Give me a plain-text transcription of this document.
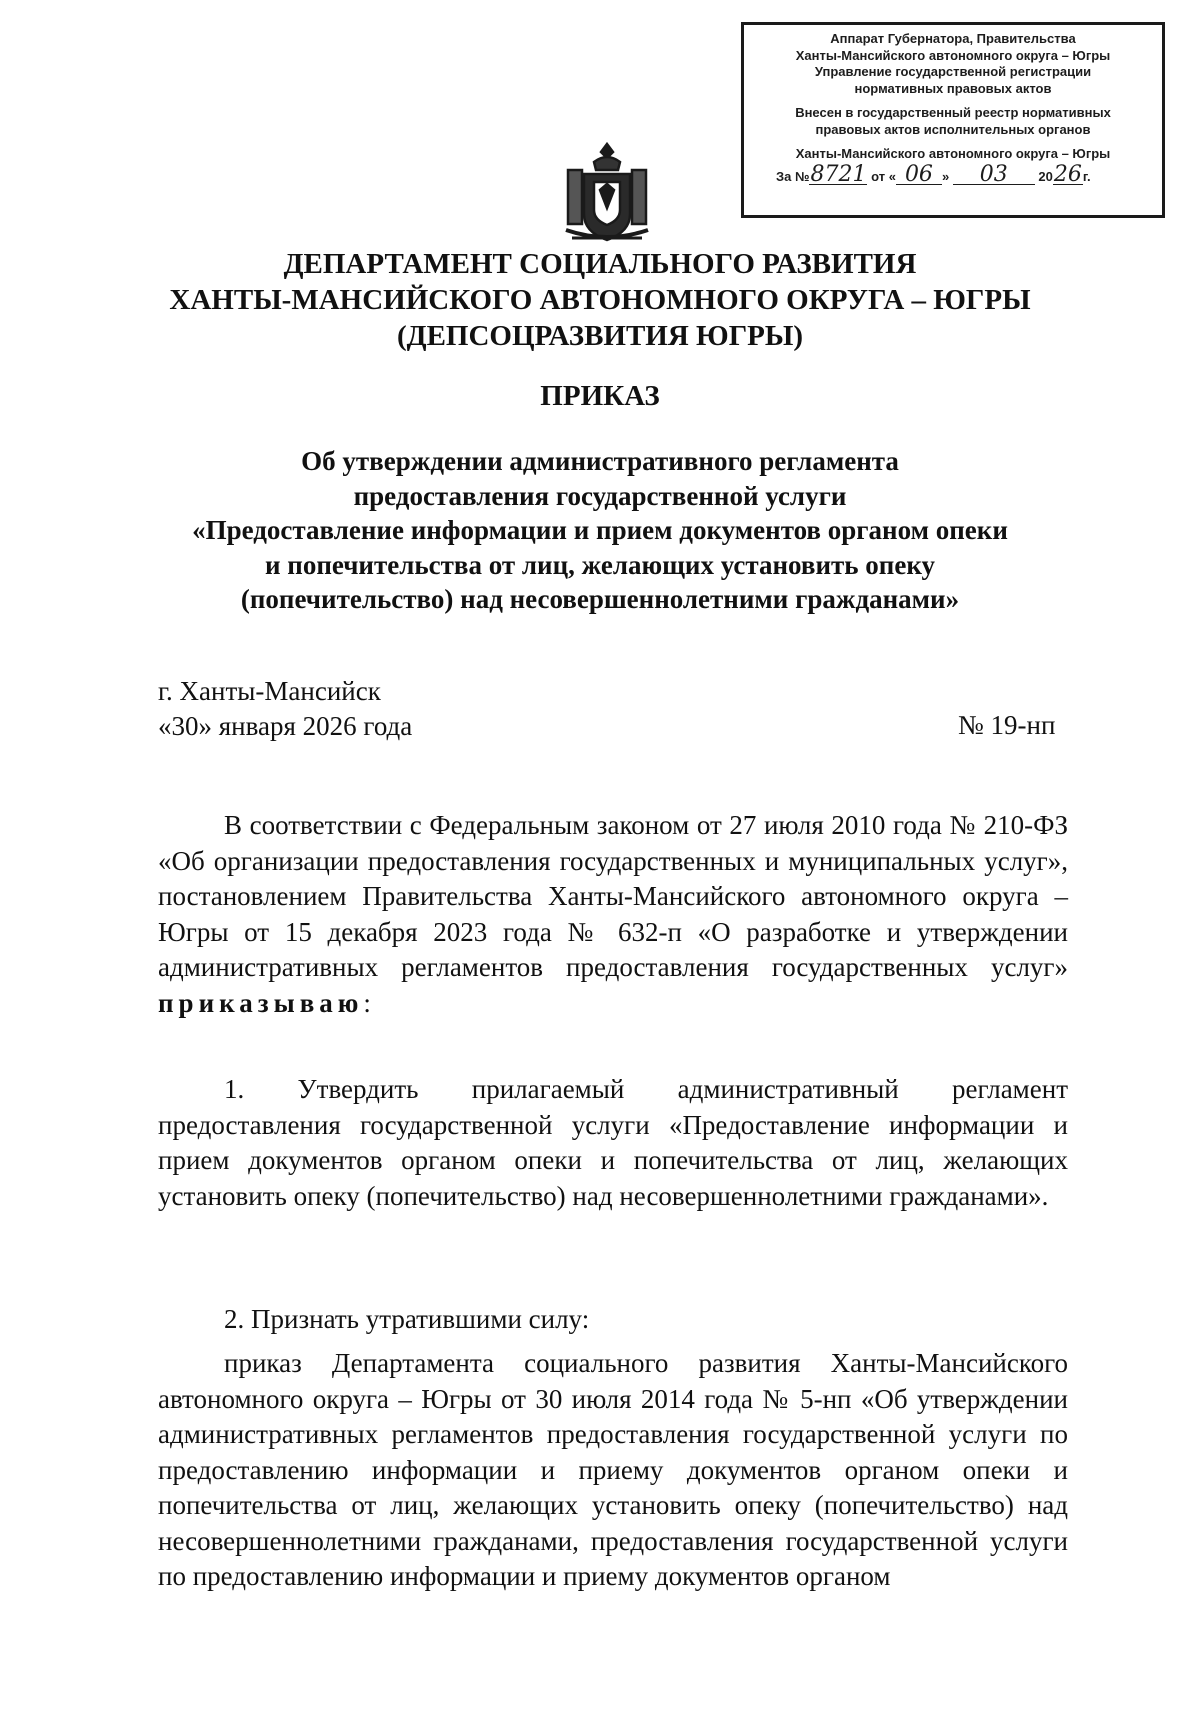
Аппарат Губернатора, Правительства
Ханты-Мансийского автономного округа – Югры
Управление государственной регистрации
нормативных правовых актов
Внесен в государственный реестр нормативных
правовых актов исполнительных органов
Ханты-Мансийского автономного округа – Югры
За №8721 от « 06 » 03 2026г.
ДЕПАРТАМЕНТ СОЦИАЛЬНОГО РАЗВИТИЯ
ХАНТЫ-МАНСИЙСКОГО АВТОНОМНОГО ОКРУГА – ЮГРЫ
(ДЕПСОЦРАЗВИТИЯ ЮГРЫ)
ПРИКАЗ
Об утверждении административного регламента
предоставления государственной услуги
«Предоставление информации и прием документов органом опеки
и попечительства от лиц, желающих установить опеку
(попечительство) над несовершеннолетними гражданами»
г. Ханты-Мансийск
«30» января 2026 года	№ 19-нп
В соответствии с Федеральным законом от 27 июля 2010 года № 210-ФЗ «Об организации предоставления государственных и муниципальных услуг», постановлением Правительства Ханты-Мансийского автономного округа – Югры от 15 декабря 2023 года № 632-п «О разработке и утверждении административных регламентов предоставления государственных услуг» приказываю:
1. Утвердить прилагаемый административный регламент предоставления государственной услуги «Предоставление информации и прием документов органом опеки и попечительства от лиц, желающих установить опеку (попечительство) над несовершеннолетними гражданами».
2. Признать утратившими силу:
приказ Департамента социального развития Ханты-Мансийского автономного округа – Югры от 30 июля 2014 года № 5-нп «Об утверждении административных регламентов предоставления государственной услуги по предоставлению информации и приему документов органом опеки и попечительства от лиц, желающих установить опеку (попечительство) над несовершеннолетними гражданами, предоставления государственной услуги по предоставлению информации и приему документов органом
